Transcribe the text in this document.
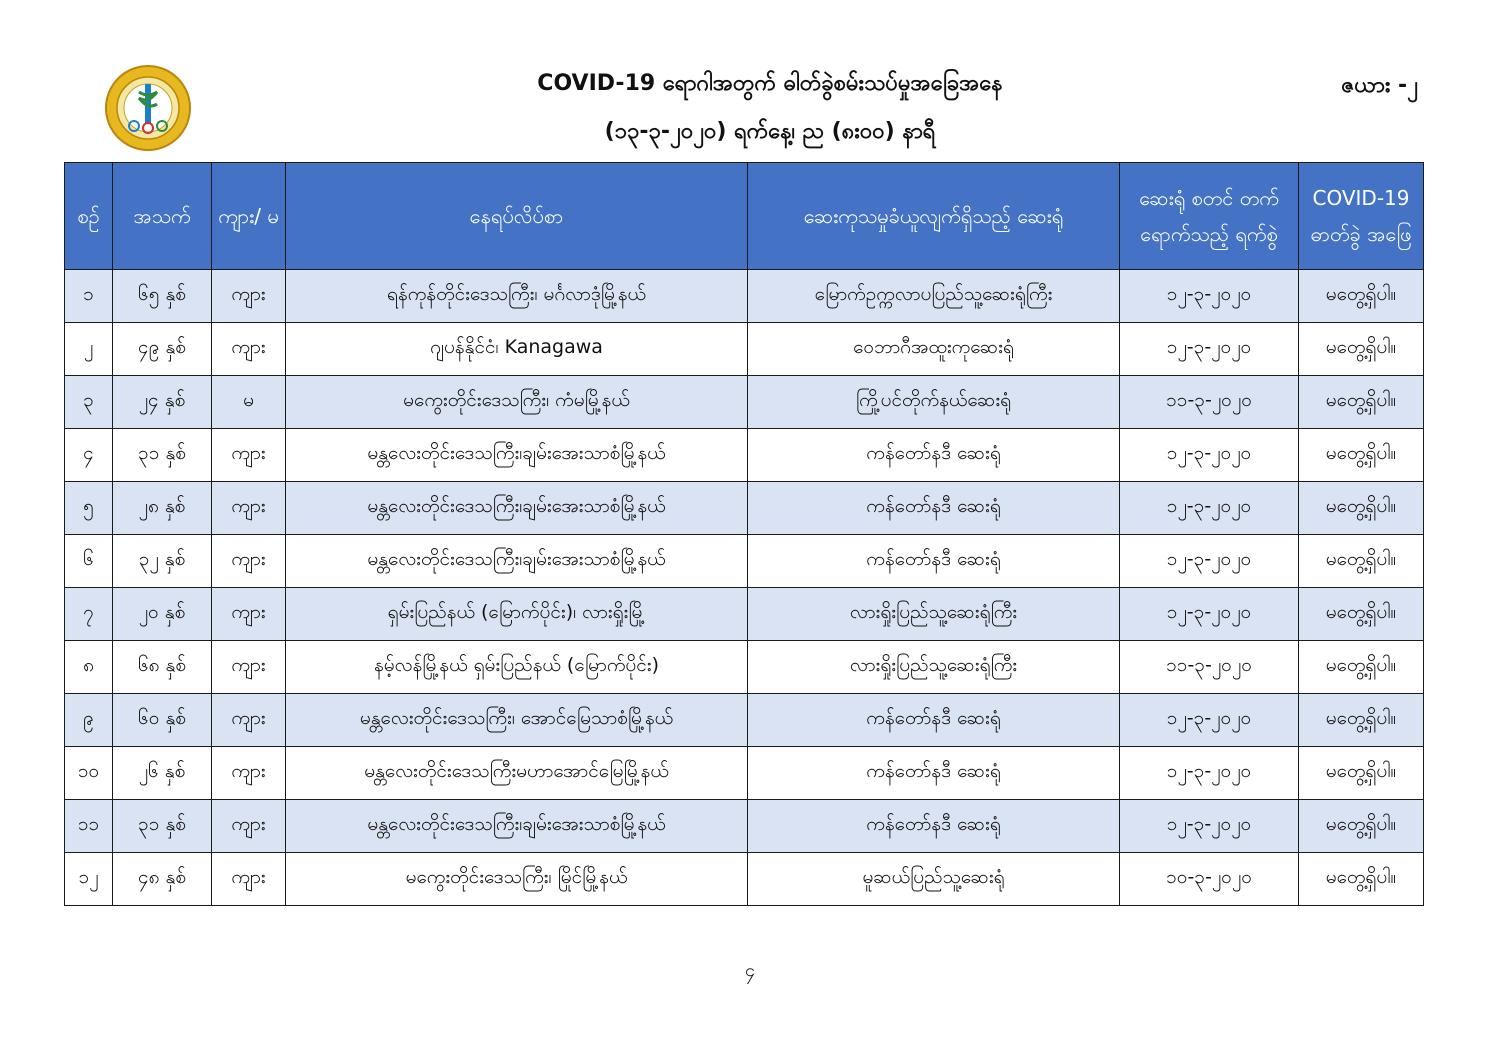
COVID-19 ရောဂါအတွက် ဓါတ်ခွဲစမ်းသပ်မှုအခြေအနေ
(၁၃-၃-၂၀၂၀) ရက်နေ့၊ ည (၈း၀၀) နာရီ
ဇယား -၂
စဉ်	အသက်	ကျား/ မ	နေရပ်လိပ်စာ	ဆေးကုသမှုခံယူလျက်ရှိသည့် ဆေးရုံ	ဆေးရုံ စတင် တက်ရောက်သည့် ရက်စွဲ	COVID-19 ဓာတ်ခွဲ အဖြေ
၁	၆၅ နှစ်	ကျား	ရန်ကုန်တိုင်းဒေသကြီး၊ မင်္ဂလာဒုံမြို့နယ်	မြောက်ဥက္ကလာပပြည်သူ့ဆေးရုံကြီး	၁၂-၃-၂၀၂၀	မတွေ့ရှိပါ။
၂	၄၉ နှစ်	ကျား	ဂျပန်နိုင်ငံ၊ Kanagawa	ဝေဘာဂီအထူးကုဆေးရုံ	၁၂-၃-၂၀၂၀	မတွေ့ရှိပါ။
၃	၂၄ နှစ်	မ	မကွေးတိုင်းဒေသကြီး၊ ကံမမြို့နယ်	ကြို့ပင်တိုက်နယ်ဆေးရုံ	၁၁-၃-၂၀၂၀	မတွေ့ရှိပါ။
၄	၃၁ နှစ်	ကျား	မန္တလေးတိုင်းဒေသကြီး၊ချမ်းအေးသာစံမြို့နယ်	ကန်တော်နဒီ ဆေးရုံ	၁၂-၃-၂၀၂၀	မတွေ့ရှိပါ။
၅	၂၈ နှစ်	ကျား	မန္တလေးတိုင်းဒေသကြီး၊ချမ်းအေးသာစံမြို့နယ်	ကန်တော်နဒီ ဆေးရုံ	၁၂-၃-၂၀၂၀	မတွေ့ရှိပါ။
၆	၃၂ နှစ်	ကျား	မန္တလေးတိုင်းဒေသကြီး၊ချမ်းအေးသာစံမြို့နယ်	ကန်တော်နဒီ ဆေးရုံ	၁၂-၃-၂၀၂၀	မတွေ့ရှိပါ။
၇	၂၀ နှစ်	ကျား	ရှမ်းပြည်နယ် (မြောက်ပိုင်း)၊ လားရှိုးမြို့	လားရှိုးပြည်သူ့ဆေးရုံကြီး	၁၂-၃-၂၀၂၀	မတွေ့ရှိပါ။
၈	၆၈ နှစ်	ကျား	နမ့်လန်မြို့နယ် ရှမ်းပြည်နယ် (မြောက်ပိုင်း)	လားရှိုးပြည်သူ့ဆေးရုံကြီး	၁၁-၃-၂၀၂၀	မတွေ့ရှိပါ။
၉	၆၀ နှစ်	ကျား	မန္တလေးတိုင်းဒေသကြီး၊ အောင်မြေသာစံမြို့နယ်	ကန်တော်နဒီ ဆေးရုံ	၁၂-၃-၂၀၂၀	မတွေ့ရှိပါ။
၁၀	၂၆ နှစ်	ကျား	မန္တလေးတိုင်းဒေသကြီးမဟာအောင်မြေမြို့နယ်	ကန်တော်နဒီ ဆေးရုံ	၁၂-၃-၂၀၂၀	မတွေ့ရှိပါ။
၁၁	၃၁ နှစ်	ကျား	မန္တလေးတိုင်းဒေသကြီး၊ချမ်းအေးသာစံမြို့နယ်	ကန်တော်နဒီ ဆေးရုံ	၁၂-၃-၂၀၂၀	မတွေ့ရှိပါ။
၁၂	၄၈ နှစ်	ကျား	မကွေးတိုင်းဒေသကြီး၊ မြိုင်မြို့နယ်	မူဆယ်ပြည်သူ့ဆေးရုံ	၁၀-၃-၂၀၂၀	မတွေ့ရှိပါ။
၄
